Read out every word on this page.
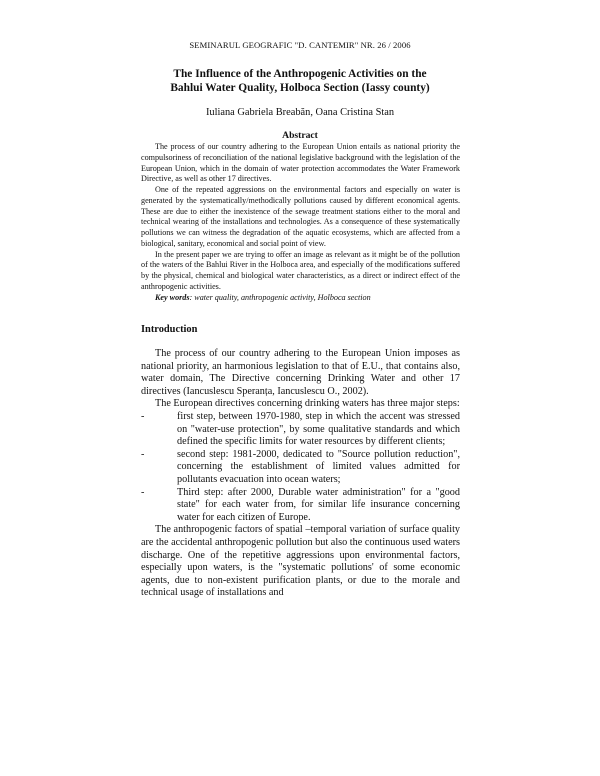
SEMINARUL GEOGRAFIC "D. CANTEMIR" NR. 26 / 2006
The Influence of the Anthropogenic Activities on the
Bahlui Water Quality, Holboca Section (Iassy county)
Iuliana Gabriela Breabăn, Oana Cristina Stan
Abstract

The process of our country adhering to the European Union entails as national priority the compulsoriness of reconciliation of the national legislative background with the legislation of the European Union, which in the domain of water protection accommodates the Water Framework Directive, as well as other 17 directives.

One of the repeated aggressions on the environmental factors and especially on water is generated by the systematically/methodically pollutions caused by different economical agents. These are due to either the inexistence of the sewage treatment stations either to the moral and technical wearing of the installations and technologies. As a consequence of these systematically pollutions we can witness the degradation of the aquatic ecosystems, which are affected from a biological, sanitary, economical and social point of view.

In the present paper we are trying to offer an image as relevant as it might be of the pollution of the waters of the Bahlui River in the Holboca area, and especially of the modifications suffered by the physical, chemical and biological water characteristics, as a direct or indirect effect of the anthropogenic activities.

Key words: water quality, anthropogenic activity, Holboca section

Introduction

The process of our country adhering to the European Union imposes as national priority, an harmonious legislation to that of E.U., that contains also, water domain, The Directive concerning Drinking Water and other 17 directives (Iancuslescu Speranța, Iancuslescu O., 2002).

The European directives concerning drinking waters has three major steps:

-	first step, between 1970-1980, step in which the accent was stressed on "water-use protection", by some qualitative standards and which defined the specific limits for water resources by different clients;
-	second step: 1981-2000, dedicated to "Source pollution reduction", concerning the establishment of limited values admitted for pollutants evacuation into ocean waters;
-	Third step: after 2000, Durable water administration" for a "good state" for each water from, for similar life insurance concerning water for each citizen of Europe.

The anthropogenic factors of spatial –temporal variation of surface quality are the accidental anthropogenic pollution but also the continuous used waters discharge. One of the repetitive aggressions upon environmental factors, especially upon waters, is the "systematic pollutions' of some economic agents, due to non-existent purification plants, or due to the morale and technical usage of installations and
